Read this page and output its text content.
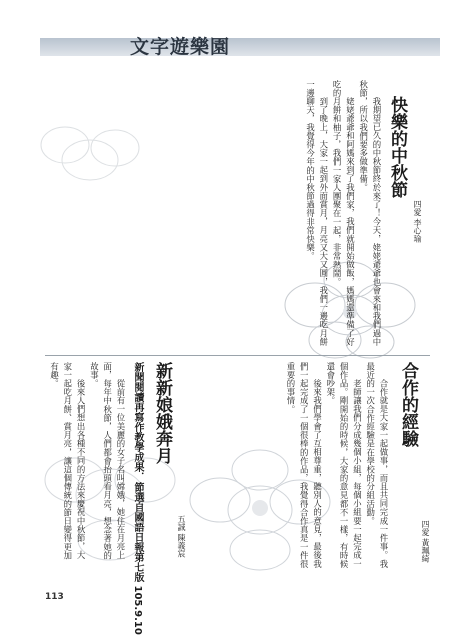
文字遊樂園
快樂的中秋節
四愛 李心瑜

我期望已久的中秋節終於來了！今天，姥姥爺爺也會來和我們過中秋節，所以我們要多做準備。

姥姥爺爺和阿媽來到了我們家，我們就開始做飯，媽媽還準備了好吃的月餅和柚子，我們一家人團聚在一起，非常熱鬧。

到了晚上，大家一起到外面賞月，月亮又大又圓，我們一邊吃月餅一邊聊天，我覺得今年的中秋節過得非常快樂。

合作的經驗
四愛 黃珮綺

合作就是大家一起做事，而且共同完成一件事。我最近的一次合作經驗是在學校的分組活動。

老師讓我們分成幾個小組，每個小組要一起完成一個作品。剛開始的時候，大家的意見都不一樣，有時候還會吵架。

後來我們學會了互相尊重，聽別人的意見，最後我們一起完成了一個很棒的作品，我覺得合作真是一件很重要的事情。

新新娘娥奔月
新聞閱讀再寫作教學成果．節選自國語日報第七版 105.9.10	五誠 陳義宸

從前有一位美麗的女子名叫嫦娥，她住在月亮上面，每年中秋節，人們都會抬頭看月亮，想念著她的故事。

後來人們想出各種不同的方法來慶祝中秋節，大家一起吃月餅、賞月亮，讓這個傳統的節日變得更加有趣。

113
